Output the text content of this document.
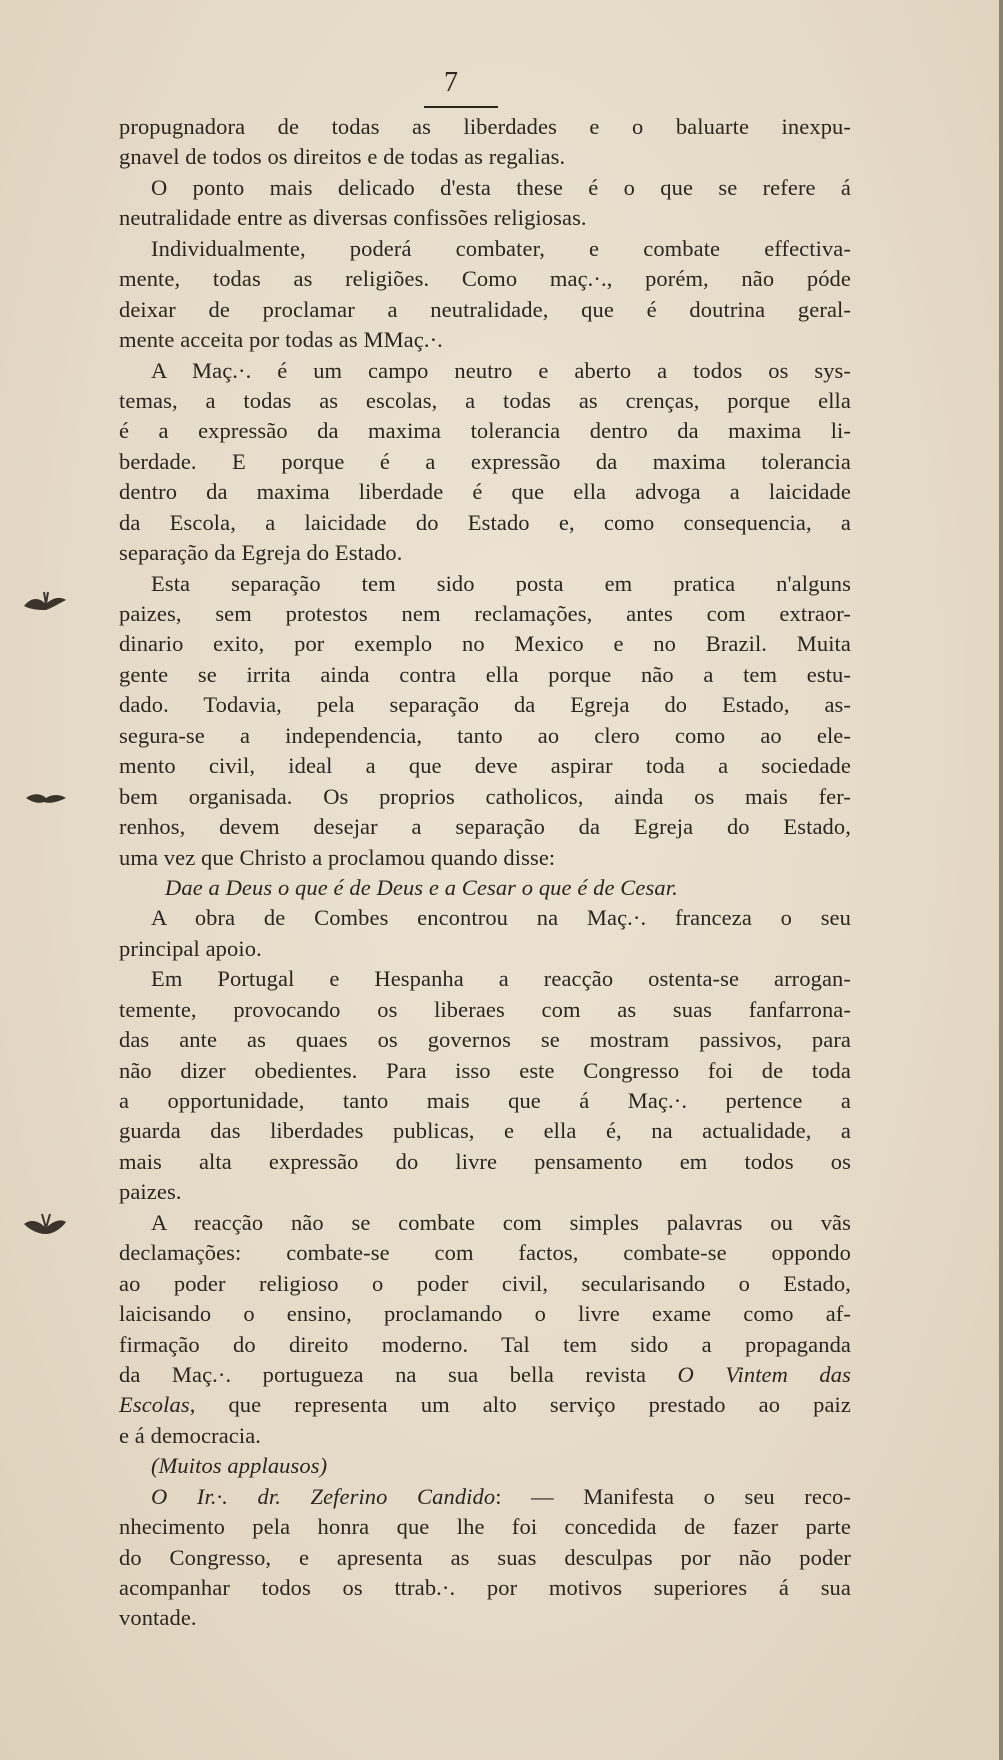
7
propugnadora de todas as liberdades e o baluarte inexpu-
gnavel de todos os direitos e de todas as regalias.
O ponto mais delicado d'esta these é o que se refere á
neutralidade entre as diversas confissões religiosas.
Individualmente, poderá combater, e combate effectiva-
mente, todas as religiões. Como maç.·., porém, não póde
deixar de proclamar a neutralidade, que é doutrina geral-
mente acceita por todas as MMaç.·.
A Maç.·. é um campo neutro e aberto a todos os sys-
temas, a todas as escolas, a todas as crenças, porque ella
é a expressão da maxima tolerancia dentro da maxima li-
berdade. E porque é a expressão da maxima tolerancia
dentro da maxima liberdade é que ella advoga a laicidade
da Escola, a laicidade do Estado e, como consequencia, a
separação da Egreja do Estado.
Esta separação tem sido posta em pratica n'alguns
paizes, sem protestos nem reclamações, antes com extraor-
dinario exito, por exemplo no Mexico e no Brazil. Muita
gente se irrita ainda contra ella porque não a tem estu-
dado. Todavia, pela separação da Egreja do Estado, as-
segura-se a independencia, tanto ao clero como ao ele-
mento civil, ideal a que deve aspirar toda a sociedade
bem organisada. Os proprios catholicos, ainda os mais fer-
renhos, devem desejar a separação da Egreja do Estado,
uma vez que Christo a proclamou quando disse:
Dae a Deus o que é de Deus e a Cesar o que é de Cesar.
A obra de Combes encontrou na Maç.·. franceza o seu
principal apoio.
Em Portugal e Hespanha a reacção ostenta-se arrogan-
temente, provocando os liberaes com as suas fanfarrona-
das ante as quaes os governos se mostram passivos, para
não dizer obedientes. Para isso este Congresso foi de toda
a opportunidade, tanto mais que á Maç.·. pertence a
guarda das liberdades publicas, e ella é, na actualidade, a
mais alta expressão do livre pensamento em todos os
paizes.
A reacção não se combate com simples palavras ou vãs
declamações: combate-se com factos, combate-se oppondo
ao poder religioso o poder civil, secularisando o Estado,
laicisando o ensino, proclamando o livre exame como af-
firmação do direito moderno. Tal tem sido a propaganda
da Maç.·. portugueza na sua bella revista O Vintem das
Escolas, que representa um alto serviço prestado ao paiz
e á democracia.
(Muitos applausos)
O Ir.·. dr. Zeferino Candido: — Manifesta o seu reco-
nhecimento pela honra que lhe foi concedida de fazer parte
do Congresso, e apresenta as suas desculpas por não poder
acompanhar todos os ttrab.·. por motivos superiores á sua
vontade.
